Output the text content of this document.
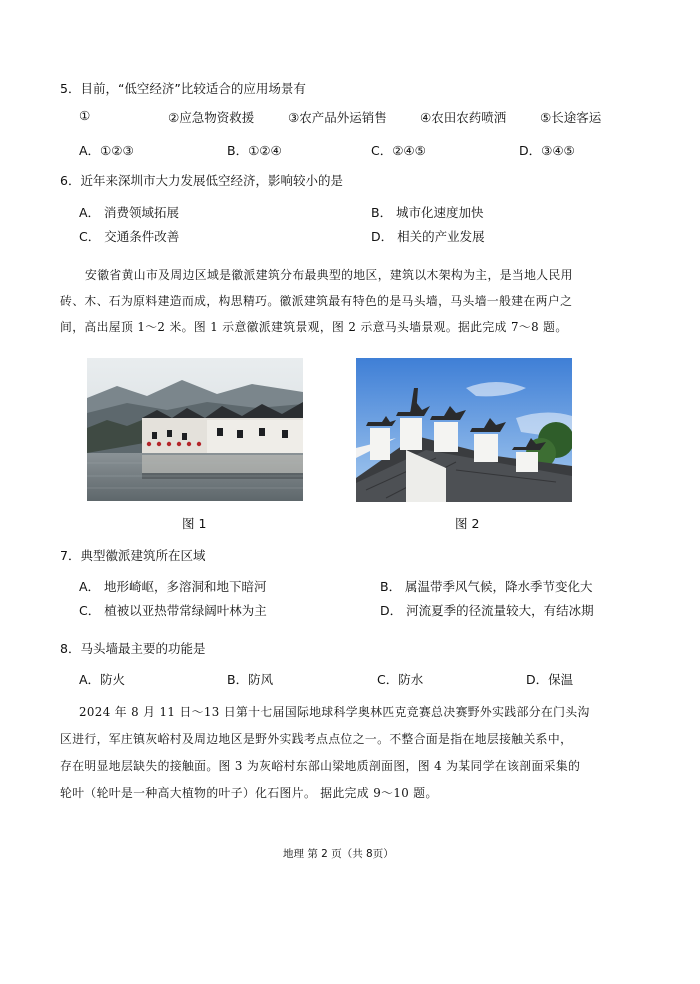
5．目前，“低空经济”比较适合的应用场景有
①	②应急物资救援	③农产品外运销售	④农田农药喷洒	⑤长途客运
A．①②③	B．①②④	C．②④⑤	D．③④⑤
6．近年来深圳市大力发展低空经济，影响较小的是
A． 消费领域拓展	B． 城市化速度加快
C． 交通条件改善	D． 相关的产业发展
安徽省黄山市及周边区域是徽派建筑分布最典型的地区，建筑以木架构为主，是当地人民用
砖、木、石为原料建造而成，构思精巧。徽派建筑最有特色的是马头墙，马头墙一般建在两户之
间，高出屋顶 1～2 米。图 1 示意徽派建筑景观，图 2 示意马头墙景观。据此完成 7～8 题。
图 1	图 2
7．典型徽派建筑所在区域
A． 地形崎岖，多溶洞和地下暗河	B． 属温带季风气候，降水季节变化大
C． 植被以亚热带常绿阔叶林为主	D． 河流夏季的径流量较大，有结冰期
8．马头墙最主要的功能是
A．防火	B．防风	C．防水	D．保温
2024 年 8 月 11 日～13 日第十七届国际地球科学奥林匹克竞赛总决赛野外实践部分在门头沟
区进行，军庄镇灰峪村及周边地区是野外实践考点点位之一。不整合面是指在地层接触关系中，
存在明显地层缺失的接触面。图 3 为灰峪村东部山梁地质剖面图，图 4 为某同学在该剖面采集的
轮叶（轮叶是一种高大植物的叶子）化石图片。 据此完成 9～10 题。
地理 第 2 页（共 8页）
